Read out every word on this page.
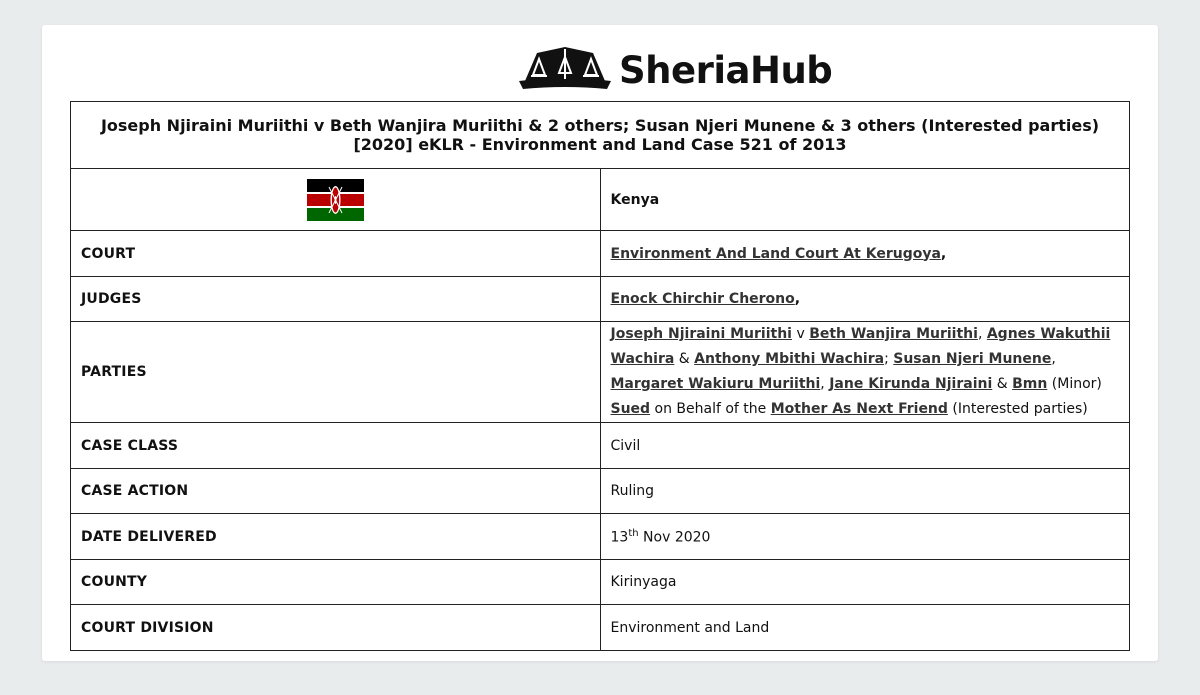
SheriaHub
Joseph Njiraini Muriithi v Beth Wanjira Muriithi & 2 others; Susan Njeri Munene & 3 others (Interested parties)
[2020] eKLR - Environment and Land Case 521 of 2013	

	Kenya
COURT	Environment And Land Court At Kerugoya,
JUDGES	Enock Chirchir Cherono,
PARTIES	Joseph Njiraini Muriithi v Beth Wanjira Muriithi, Agnes Wakuthii Wachira & Anthony Mbithi Wachira; Susan Njeri Munene, Margaret Wakiuru Muriithi, Jane Kirunda Njiraini & Bmn (Minor) Sued on Behalf of the Mother As Next Friend (Interested parties)
CASE CLASS	Civil
CASE ACTION	Ruling
DATE DELIVERED	13th Nov 2020
COUNTY	Kirinyaga
COURT DIVISION	Environment and Land
